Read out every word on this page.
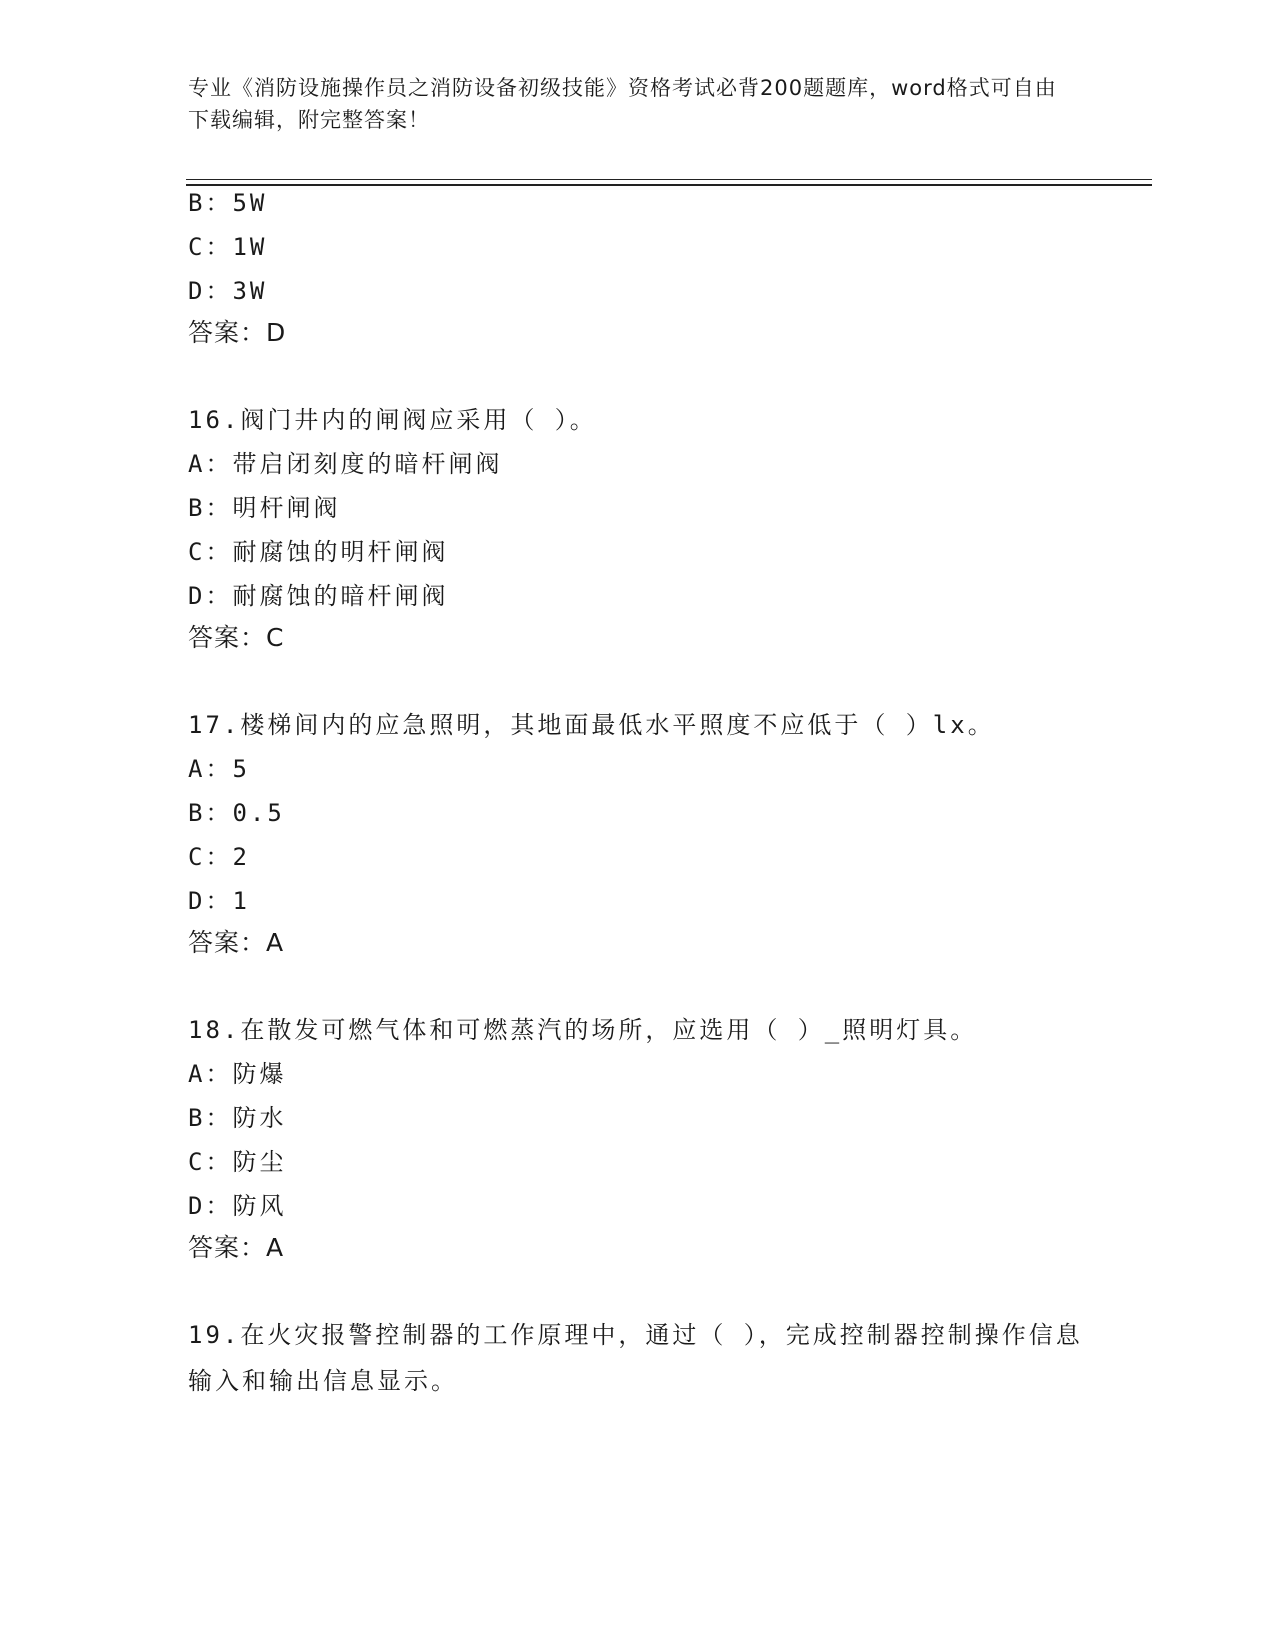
专业《消防设施操作员之消防设备初级技能》资格考试必背200题题库，word格式可自由下载编辑，附完整答案！
B：5W
C：1W
D：3W
答案：D
16.阀门井内的闸阀应采用（ ）。
A：带启闭刻度的暗杆闸阀
B：明杆闸阀
C：耐腐蚀的明杆闸阀
D：耐腐蚀的暗杆闸阀
答案：C
17.楼梯间内的应急照明，其地面最低水平照度不应低于（ ）lx。
A：5
B：0.5
C：2
D：1
答案：A
18.在散发可燃气体和可燃蒸汽的场所，应选用（ ）_照明灯具。
A：防爆
B：防水
C：防尘
D：防风
答案：A
19.在火灾报警控制器的工作原理中，通过（ ），完成控制器控制操作信息输入和输出信息显示。
